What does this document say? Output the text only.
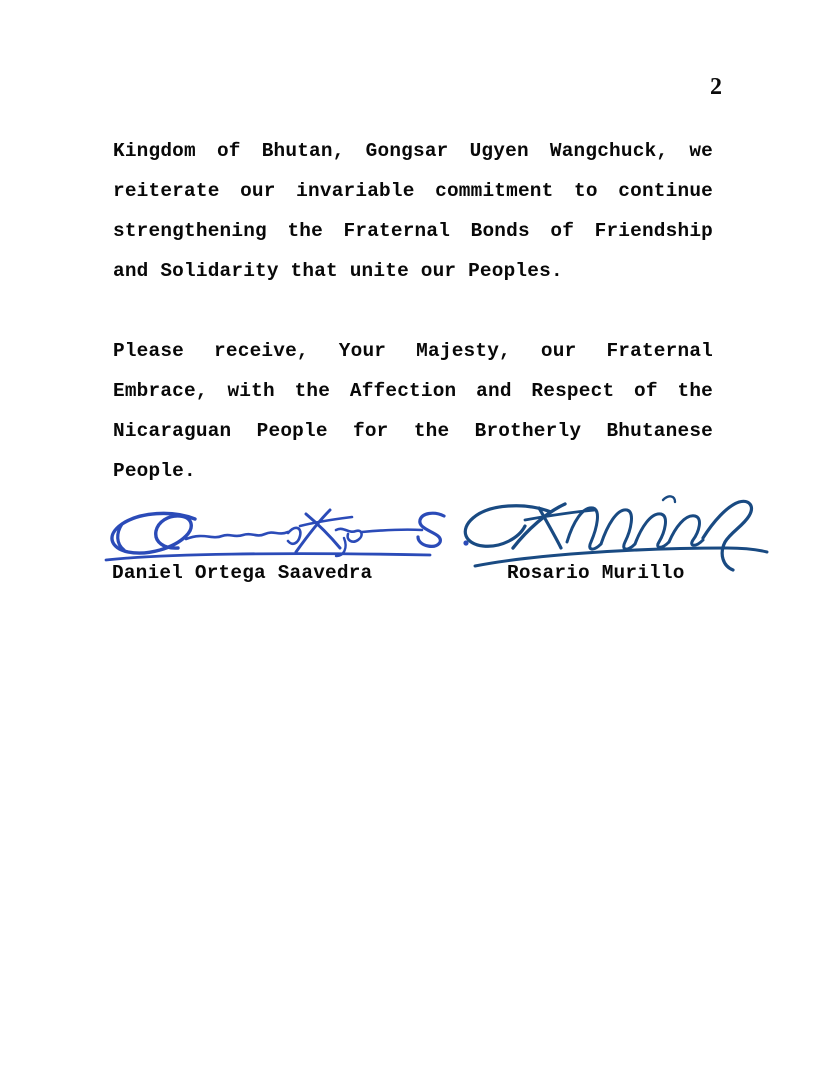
2

Kingdom of Bhutan, Gongsar Ugyen Wangchuck, we
reiterate our invariable commitment to continue
strengthening the Fraternal Bonds of Friendship
and Solidarity that unite our Peoples.

Please receive, Your Majesty, our Fraternal
Embrace, with the Affection and Respect of the
Nicaraguan People for the Brotherly Bhutanese
People.

Daniel Ortega Saavedra	Rosario Murillo
